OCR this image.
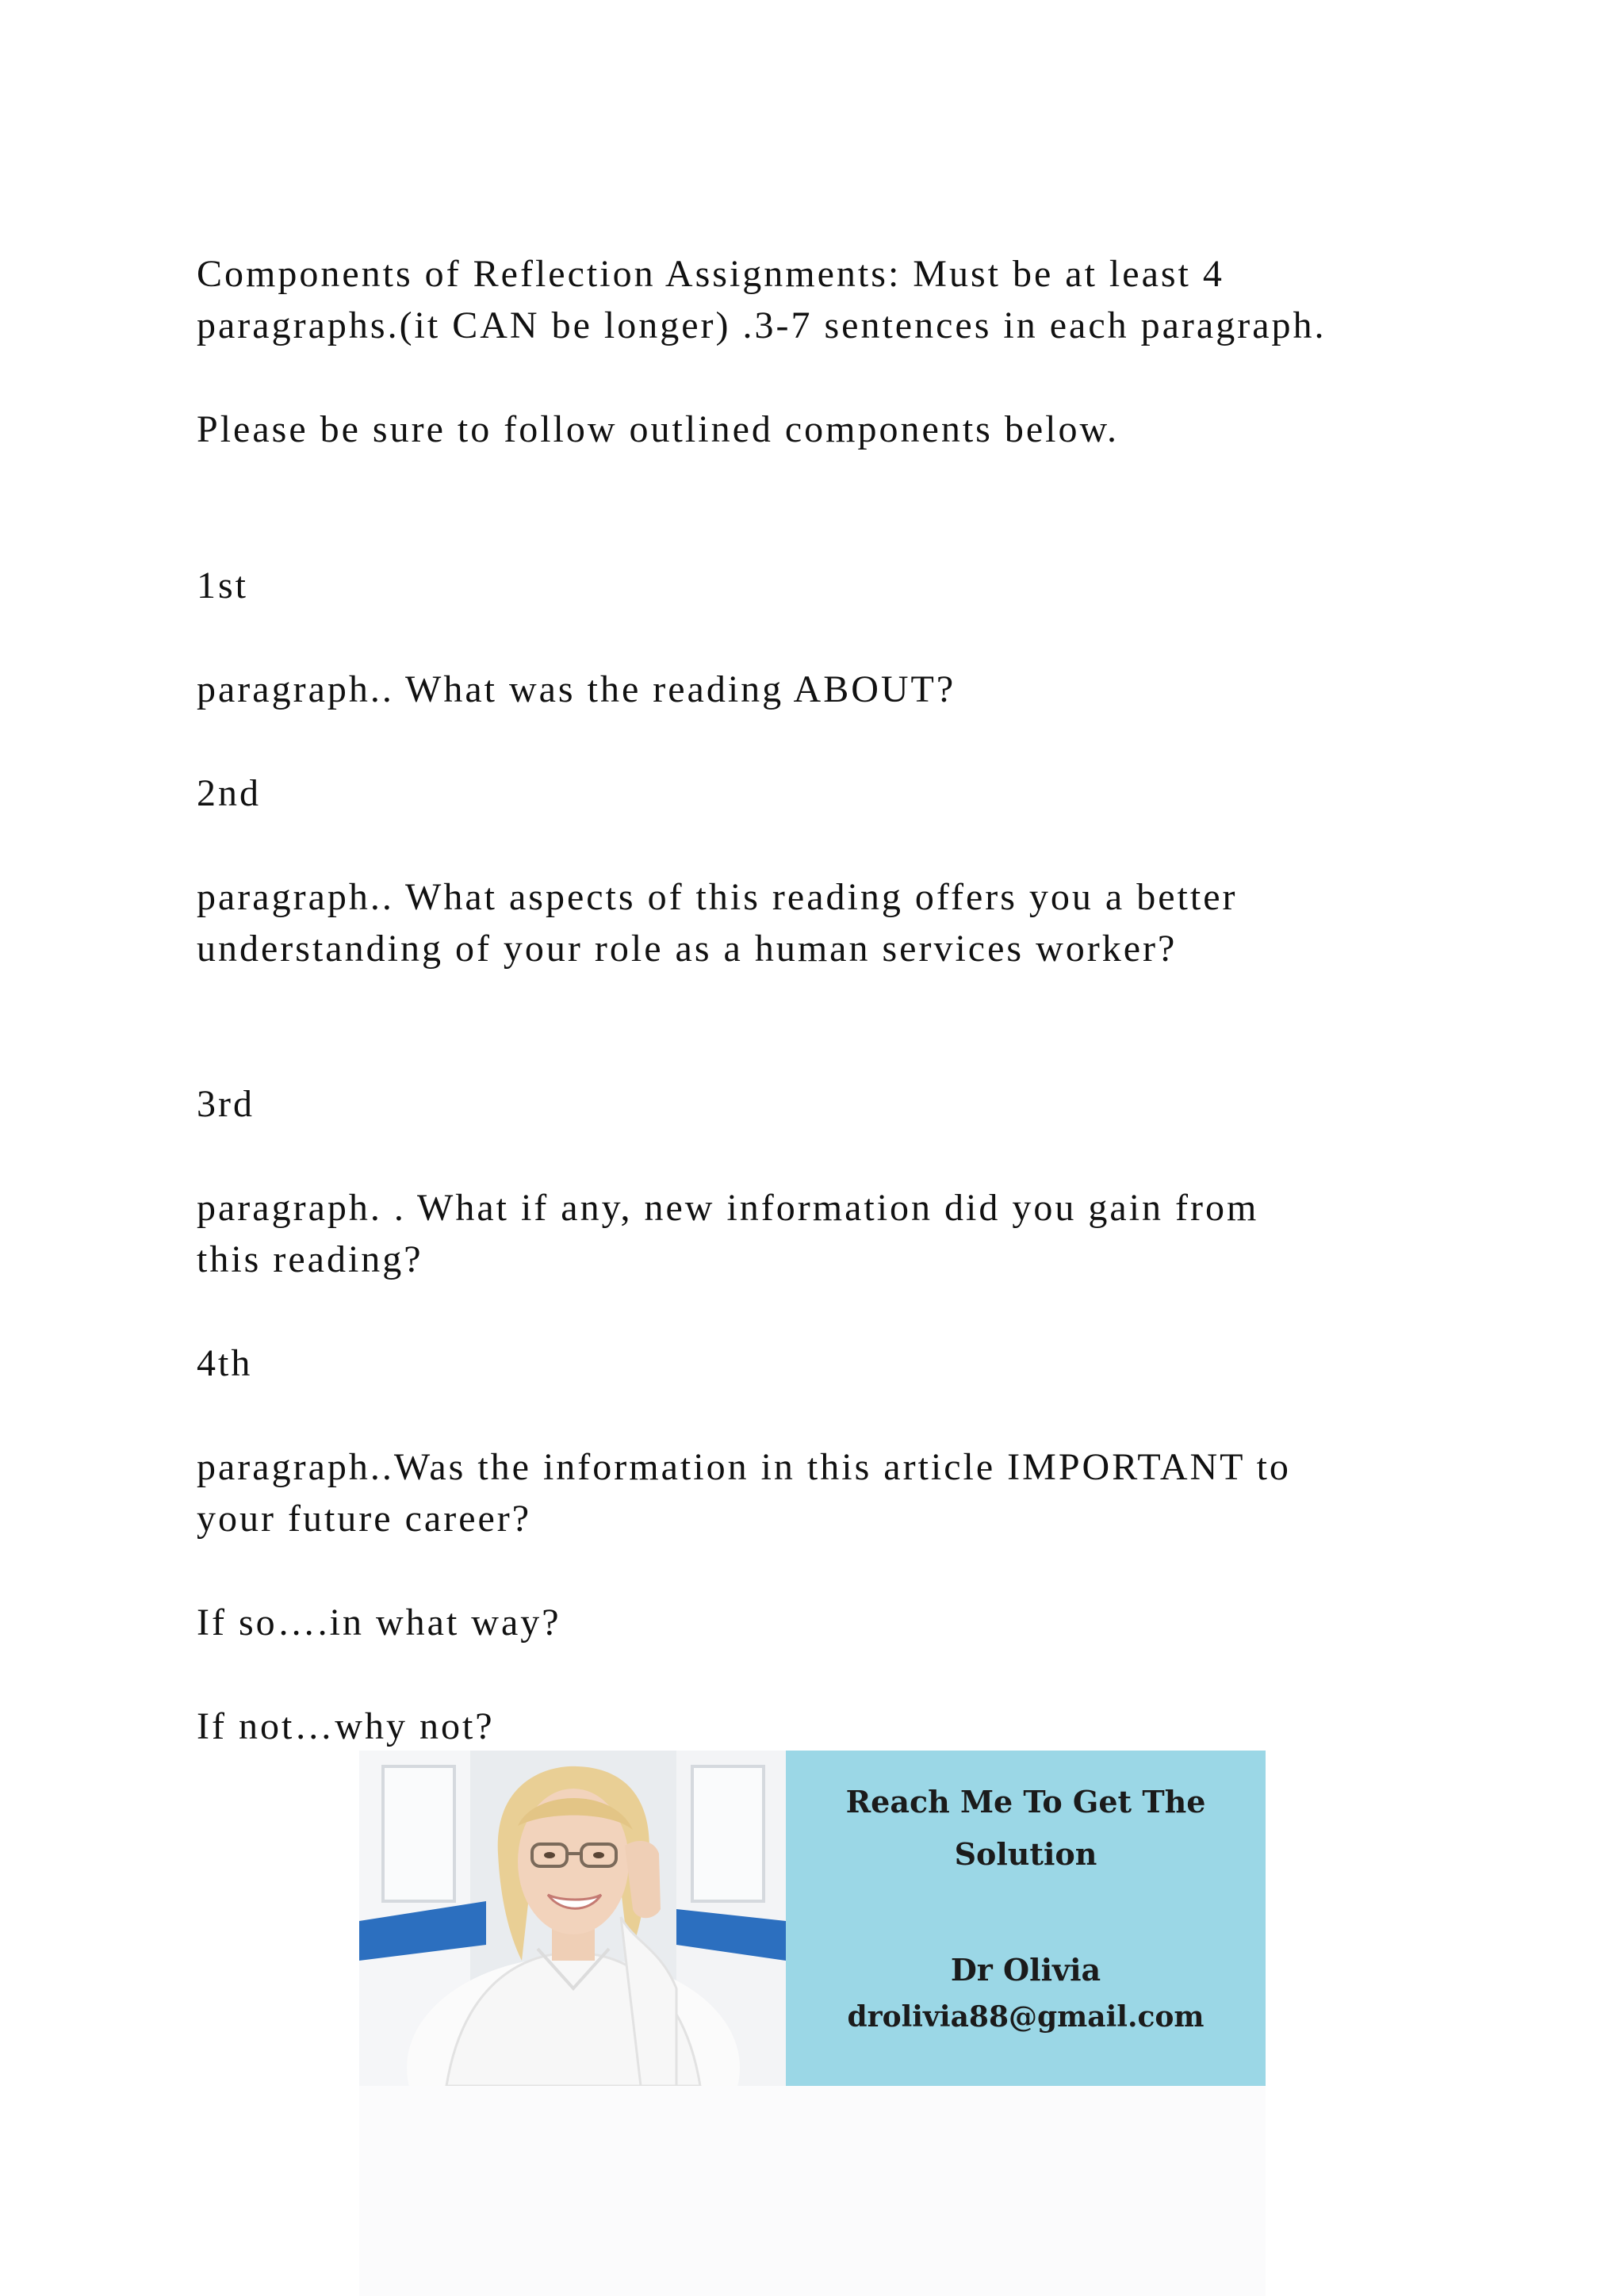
Components of Reflection Assignments: Must be at least 4
paragraphs.(it CAN be longer) .3-7 sentences in each paragraph.
Please be sure to follow outlined components below.
1st
paragraph.. What was the reading ABOUT?
2nd
paragraph.. What aspects of this reading offers you a better
understanding of your role as a human services worker?
3rd
paragraph. . What if any, new information did you gain from
this reading?
4th
paragraph..Was the information in this article IMPORTANT to
your future career?
If so….in what way?
If not…why not?
Reach Me To Get The
Solution
Dr Olivia
drolivia88@gmail.com
